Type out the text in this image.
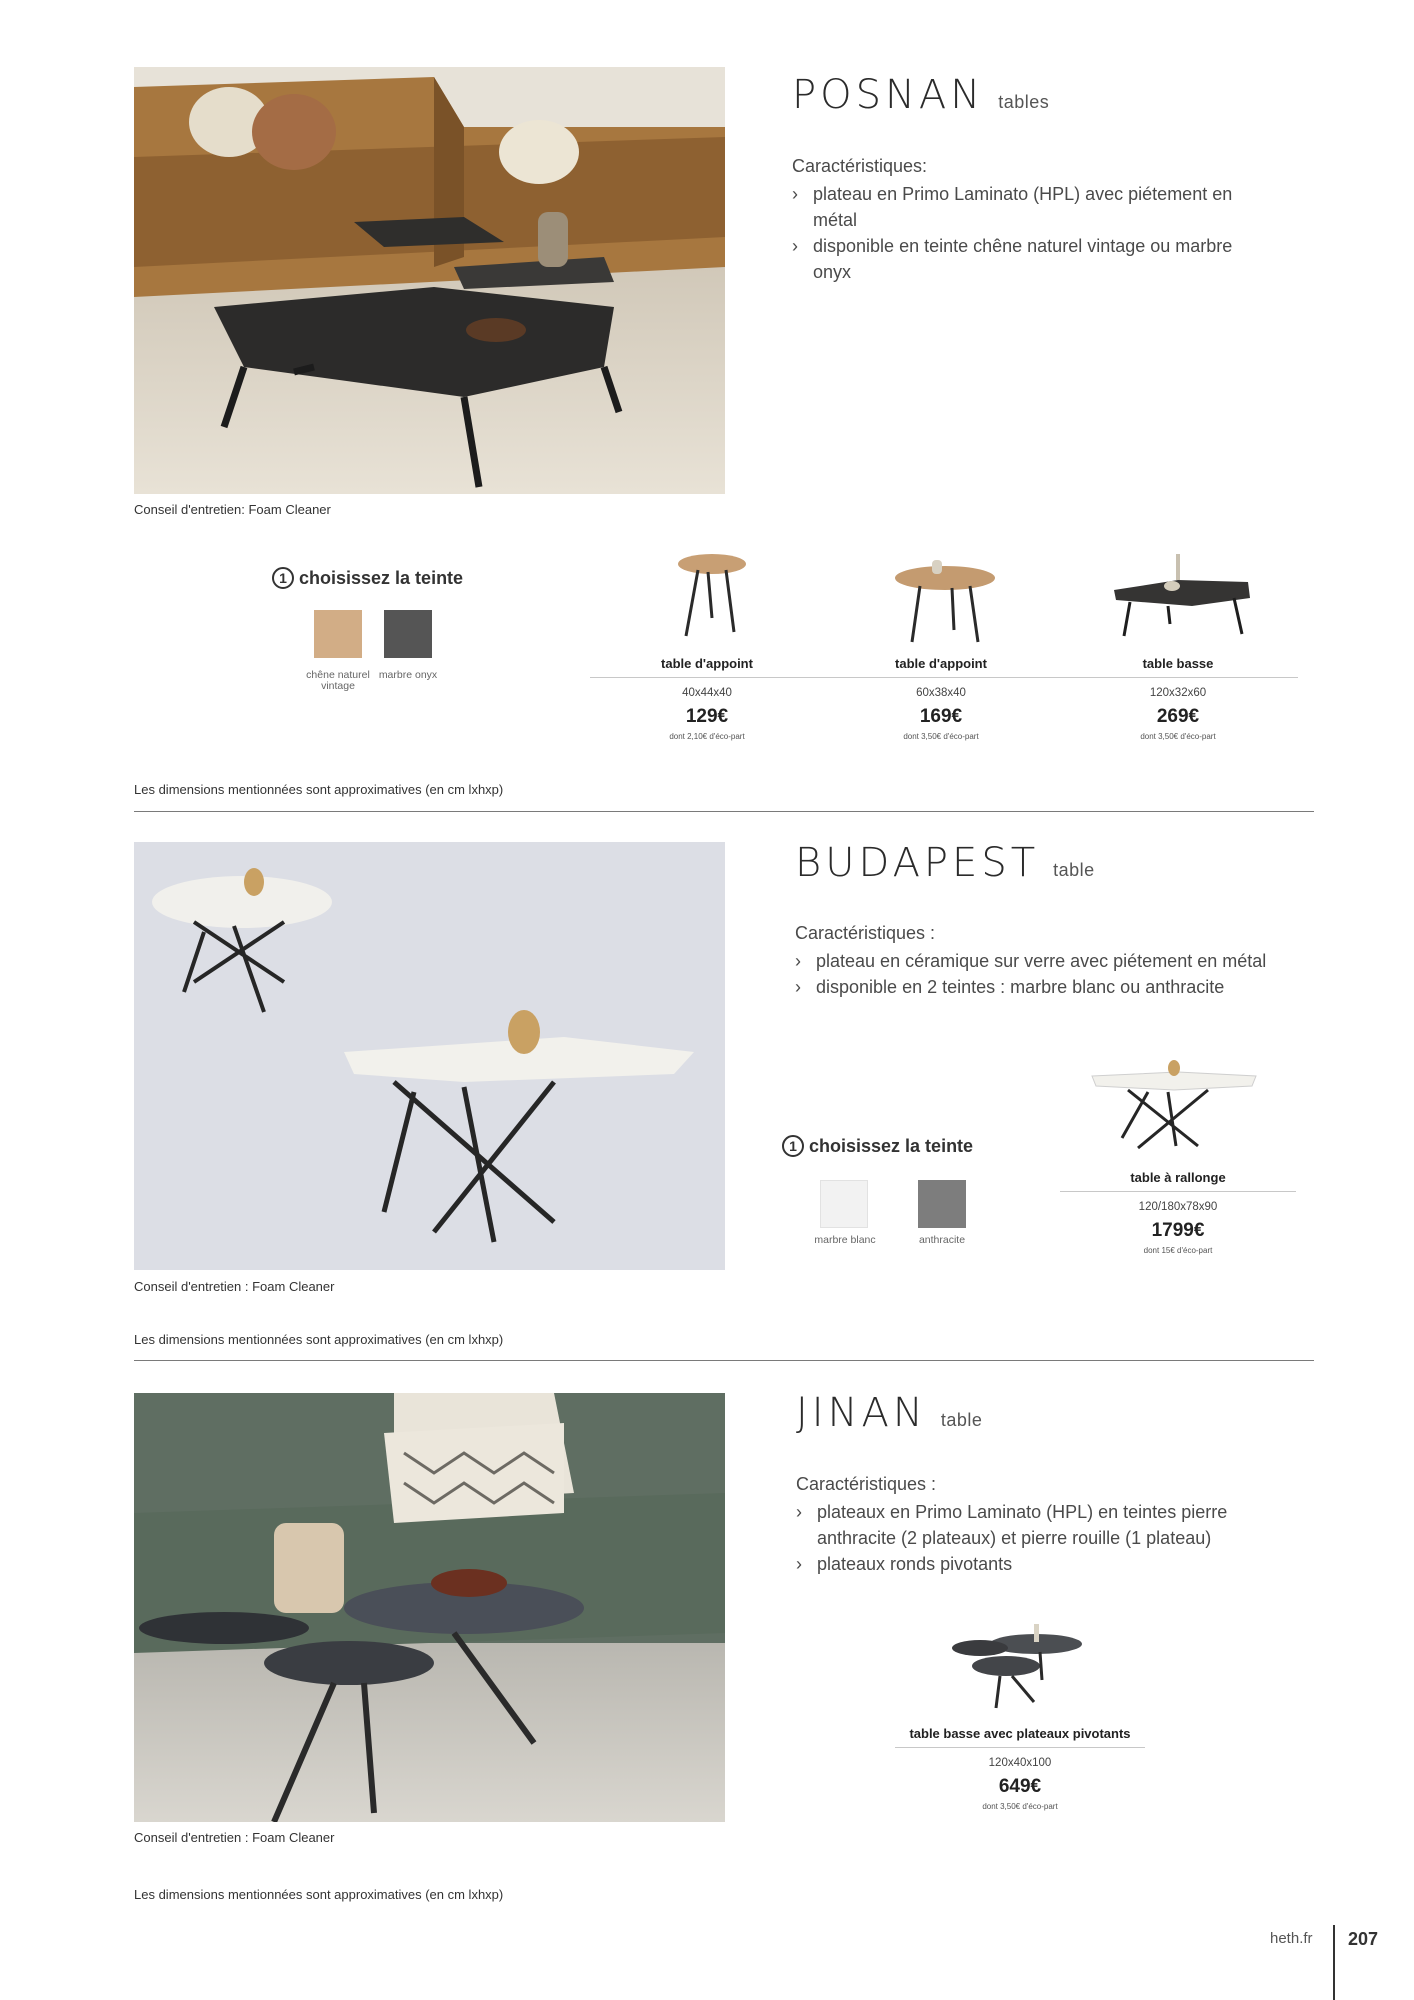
POSNAN tables
Caractéristiques:
› plateau en Primo Laminato (HPL) avec piétement en métal
› disponible en teinte chêne naturel vintage ou marbre onyx
Conseil d'entretien: Foam Cleaner
1 choisissez la teinte
chêne naturel vintage
marbre onyx
table d'appoint
40x44x40
129€
dont 2,10€ d'éco-part
table d'appoint
60x38x40
169€
dont 3,50€ d'éco-part
table basse
120x32x60
269€
dont 3,50€ d'éco-part
Les dimensions mentionnées sont approximatives (en cm lxhxp)
BUDAPEST table
Caractéristiques :
› plateau en céramique sur verre avec piétement en métal
› disponible en 2 teintes : marbre blanc ou anthracite
1 choisissez la teinte
marbre blanc	anthracite
table à rallonge
120/180x78x90
1799€
dont 15€ d'éco-part
Conseil d'entretien : Foam Cleaner
Les dimensions mentionnées sont approximatives (en cm lxhxp)
JINAN table
Caractéristiques :
› plateaux en Primo Laminato (HPL) en teintes pierre anthracite (2 plateaux) et pierre rouille (1 plateau)
› plateaux ronds pivotants
table basse avec plateaux pivotants
120x40x100
649€
dont 3,50€ d'éco-part
Conseil d'entretien : Foam Cleaner
Les dimensions mentionnées sont approximatives (en cm lxhxp)
heth.fr 207
